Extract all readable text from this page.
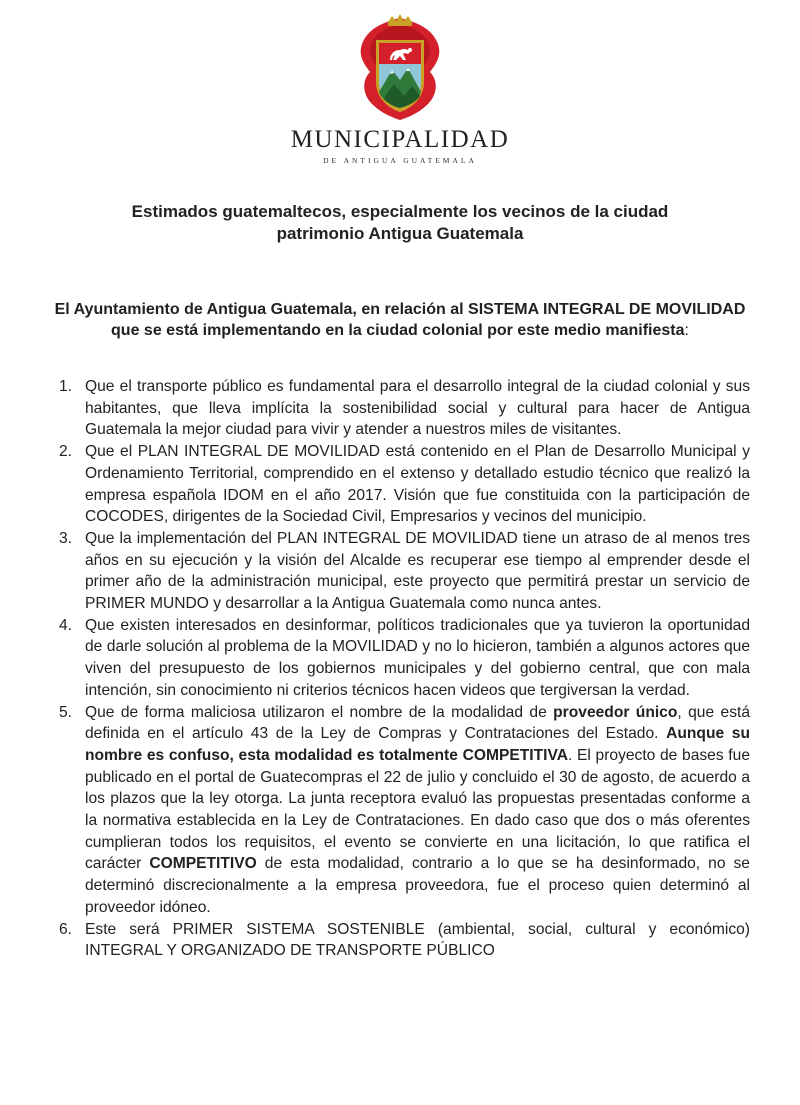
MUNICIPALIDAD
DE ANTIGUA GUATEMALA
Estimados guatemaltecos, especialmente los vecinos de la ciudad
patrimonio Antigua Guatemala
El Ayuntamiento de Antigua Guatemala, en relación al SISTEMA INTEGRAL DE MOVILIDAD que se está implementando en la ciudad colonial por este medio manifiesta:
1. Que el transporte público es fundamental para el desarrollo integral de la ciudad colonial y sus habitantes, que lleva implícita la sostenibilidad social y cultural para hacer de Antigua Guatemala la mejor ciudad para vivir y atender a nuestros miles de visitantes.
2. Que el PLAN INTEGRAL DE MOVILIDAD está contenido en el Plan de Desarrollo Municipal y Ordenamiento Territorial, comprendido en el extenso y detallado estudio técnico que realizó la empresa española IDOM en el año 2017. Visión que fue constituida con la participación de COCODES, dirigentes de la Sociedad Civil, Empresarios y vecinos del municipio.
3. Que la implementación del PLAN INTEGRAL DE MOVILIDAD tiene un atraso de al menos tres años en su ejecución y la visión del Alcalde es recuperar ese tiempo al emprender desde el primer año de la administración municipal, este proyecto que permitirá prestar un servicio de PRIMER MUNDO y desarrollar a la Antigua Guatemala como nunca antes.
4. Que existen interesados en desinformar, políticos tradicionales que ya tuvieron la oportunidad de darle solución al problema de la MOVILIDAD y no lo hicieron, también a algunos actores que viven del presupuesto de los gobiernos municipales y del gobierno central, que con mala intención, sin conocimiento ni criterios técnicos hacen videos que tergiversan la verdad.
5. Que de forma maliciosa utilizaron el nombre de la modalidad de proveedor único, que está definida en el artículo 43 de la Ley de Compras y Contrataciones del Estado. Aunque su nombre es confuso, esta modalidad es totalmente COMPETITIVA. El proyecto de bases fue publicado en el portal de Guatecompras el 22 de julio y concluido el 30 de agosto, de acuerdo a los plazos que la ley otorga. La junta receptora evaluó las propuestas presentadas conforme a la normativa establecida en la Ley de Contrataciones. En dado caso que dos o más oferentes cumplieran todos los requisitos, el evento se convierte en una licitación, lo que ratifica el carácter COMPETITIVO de esta modalidad, contrario a lo que se ha desinformado, no se determinó discrecionalmente a la empresa proveedora, fue el proceso quien determinó al proveedor idóneo.
6. Este será PRIMER SISTEMA SOSTENIBLE (ambiental, social, cultural y económico) INTEGRAL Y ORGANIZADO DE TRANSPORTE PÚBLICO
